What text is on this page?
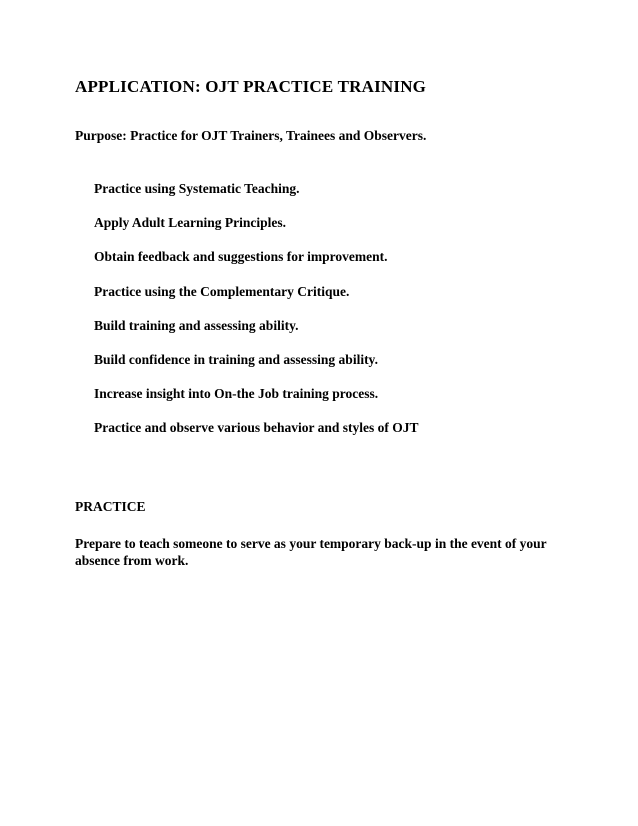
APPLICATION: OJT PRACTICE TRAINING

Purpose: Practice for OJT Trainers, Trainees and Observers.

Practice using Systematic Teaching.
Apply Adult Learning Principles.
Obtain feedback and suggestions for improvement.
Practice using the Complementary Critique.
Build training and assessing ability.
Build confidence in training and assessing ability.
Increase insight into On-the Job training process.
Practice and observe various behavior and styles of OJT
PRACTICE

Prepare to teach someone to serve as your temporary back-up in the event of your absence from work.
